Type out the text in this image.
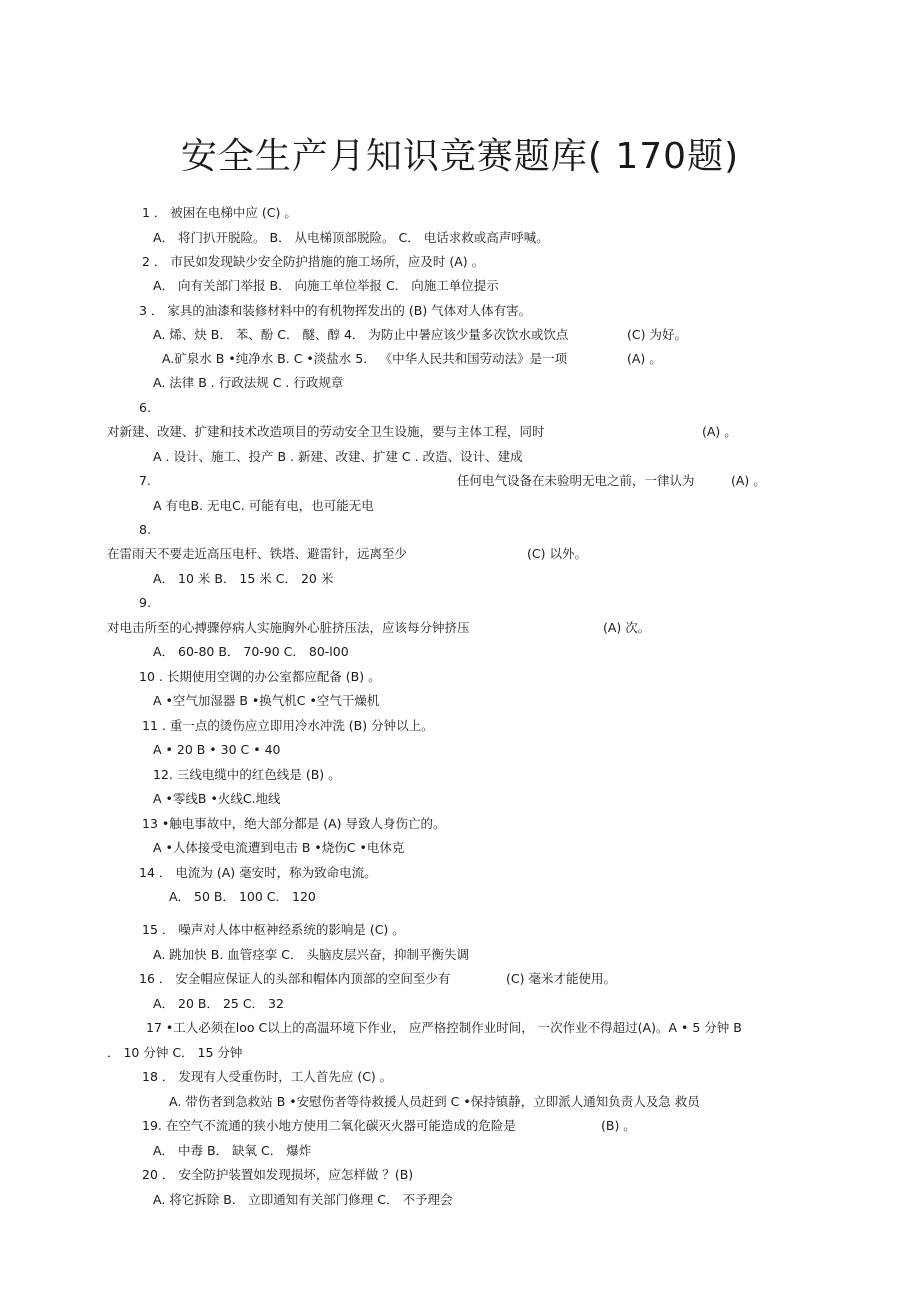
安全生产月知识竞赛题库( 170题)
1 ． 被困在电梯中应 (C) 。
A． 将门扒开脱险。 B． 从电梯顶部脱险。 C． 电话求救或高声呼喊。
2 ． 市民如发现缺少安全防护措施的施工场所，应及时 (A) 。
A． 向有关部门举报 B． 向施工单位举报 C． 向施工单位提示
3 ． 家具的油漆和装修材料中的有机物挥发出的 (B) 气体对人体有害。
A. 烯、炔 B． 苯、酚 C． 醚、醇 4． 为防止中暑应该少量多次饮水或饮点	(C) 为好。
A.矿泉水 B •纯净水 B. C •淡盐水 5． 《中华人民共和国劳动法》是一项	(A) 。
A. 法律 B . 行政法规 C . 行政规章
6.
对新建、改建、扩建和技术改造项目的劳动安全卫生设施，要与主体工程，同时	(A) 。
A . 设计、施工、投产 B . 新建、改建、扩建 C . 改造、设计、建成
7.	任何电气设备在未验明无电之前，一律认为	(A) 。
A 有电B. 无电C. 可能有电，也可能无电
8.
在雷雨天不要走近高压电杆、铁塔、避雷针，远离至少	(C) 以外。
A． 10 米 B． 15 米 C． 20 米
9.
对电击所至的心搏骤停病人实施胸外心脏挤压法，应该每分钟挤压	(A) 次。
A． 60-80 B． 70-90 C． 80-l00
10 . 长期使用空调的办公室都应配备 (B) 。
A •空气加湿器 B •换气机C •空气干燥机
11 . 重一点的烫伤应立即用冷水冲洗 (B) 分钟以上。
A • 20 B • 30 C • 40
12. 三线电缆中的红色线是 (B) 。
A •零线B •火线C.地线
13 •触电事故中，绝大部分都是 (A) 导致人身伤亡的。
A •人体接受电流遭到电击 B •烧伤C •电休克
14 ． 电流为 (A) 毫安时，称为致命电流。
A． 50 B． 100 C． 120
15 ． 噪声对人体中枢神经系统的影响是 (C) 。
A. 跳加快 B. 血管痉挛 C． 头脑皮层兴奋，抑制平衡失调
16 ． 安全帽应保证人的头部和帽体内顶部的空间至少有	(C) 毫米才能使用。
A． 20 B． 25 C． 32
17 •工人必须在loo C以上的高温环境下作业， 应严格控制作业时间， 一次作业不得超过(A)。A • 5 分钟 B
． 10 分钟 C． 15 分钟
18 ． 发现有人受重伤时，工人首先应 (C) 。
A. 带伤者到急救站 B •安慰伤者等待救援人员赶到 C •保持镇静，立即派人通知负责人及急 救员
19. 在空气不流通的狭小地方使用二氧化碳灭火器可能造成的危险是	(B) 。
A． 中毒 B． 缺氧 C． 爆炸
20 ． 安全防护装置如发现损坏，应怎样做 ？(B)
A. 将它拆除 B． 立即通知有关部门修理 C． 不予理会
